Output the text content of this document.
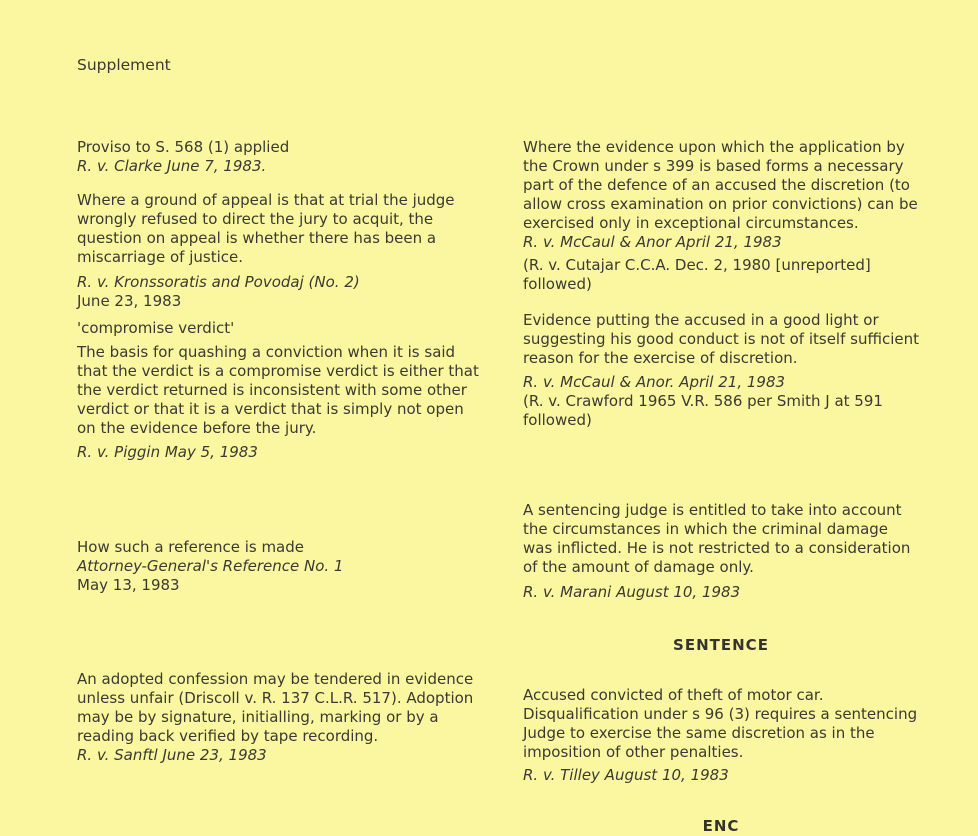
Supplement

Proviso to S. 568 (1) applied

R. v. Clarke June 7, 1983.

Where a ground of appeal is that at trial the judge wrongly refused to direct the jury to acquit, the question on appeal is whether there has been a miscarriage of justice.

R. v. Kronssoratis and Povodaj (No. 2)

June 23, 1983

'compromise verdict'

The basis for quashing a conviction when it is said that the verdict is a compromise verdict is either that the verdict returned is inconsistent with some other verdict or that it is a verdict that is simply not open on the evidence before the jury.

R. v. Piggin May 5, 1983

How such a reference is made

Attorney-General's Reference No. 1

May 13, 1983

An adopted confession may be tendered in evidence unless unfair (Driscoll v. R. 137 C.L.R. 517). Adoption may be by signature, initialling, marking or by a reading back verified by tape recording.

R. v. Sanftl June 23, 1983

Where the evidence upon which the application by the Crown under s 399 is based forms a necessary part of the defence of an accused the discretion (to allow cross examination on prior convictions) can be exercised only in exceptional circumstances.

R. v. McCaul & Anor April 21, 1983

(R. v. Cutajar C.C.A. Dec. 2, 1980 [unreported] followed)

Evidence putting the accused in a good light or suggesting his good conduct is not of itself sufficient reason for the exercise of discretion.

R. v. McCaul & Anor. April 21, 1983

(R. v. Crawford 1965 V.R. 586 per Smith J at 591 followed)

A sentencing judge is entitled to take into account the circumstances in which the criminal damage was inflicted. He is not restricted to a consideration of the amount of damage only.

R. v. Marani August 10, 1983

SENTENCE

Accused convicted of theft of motor car. Disqualification under s 96 (3) requires a sentencing Judge to exercise the same discretion as in the imposition of other penalties.

R. v. Tilley August 10, 1983

ENC
